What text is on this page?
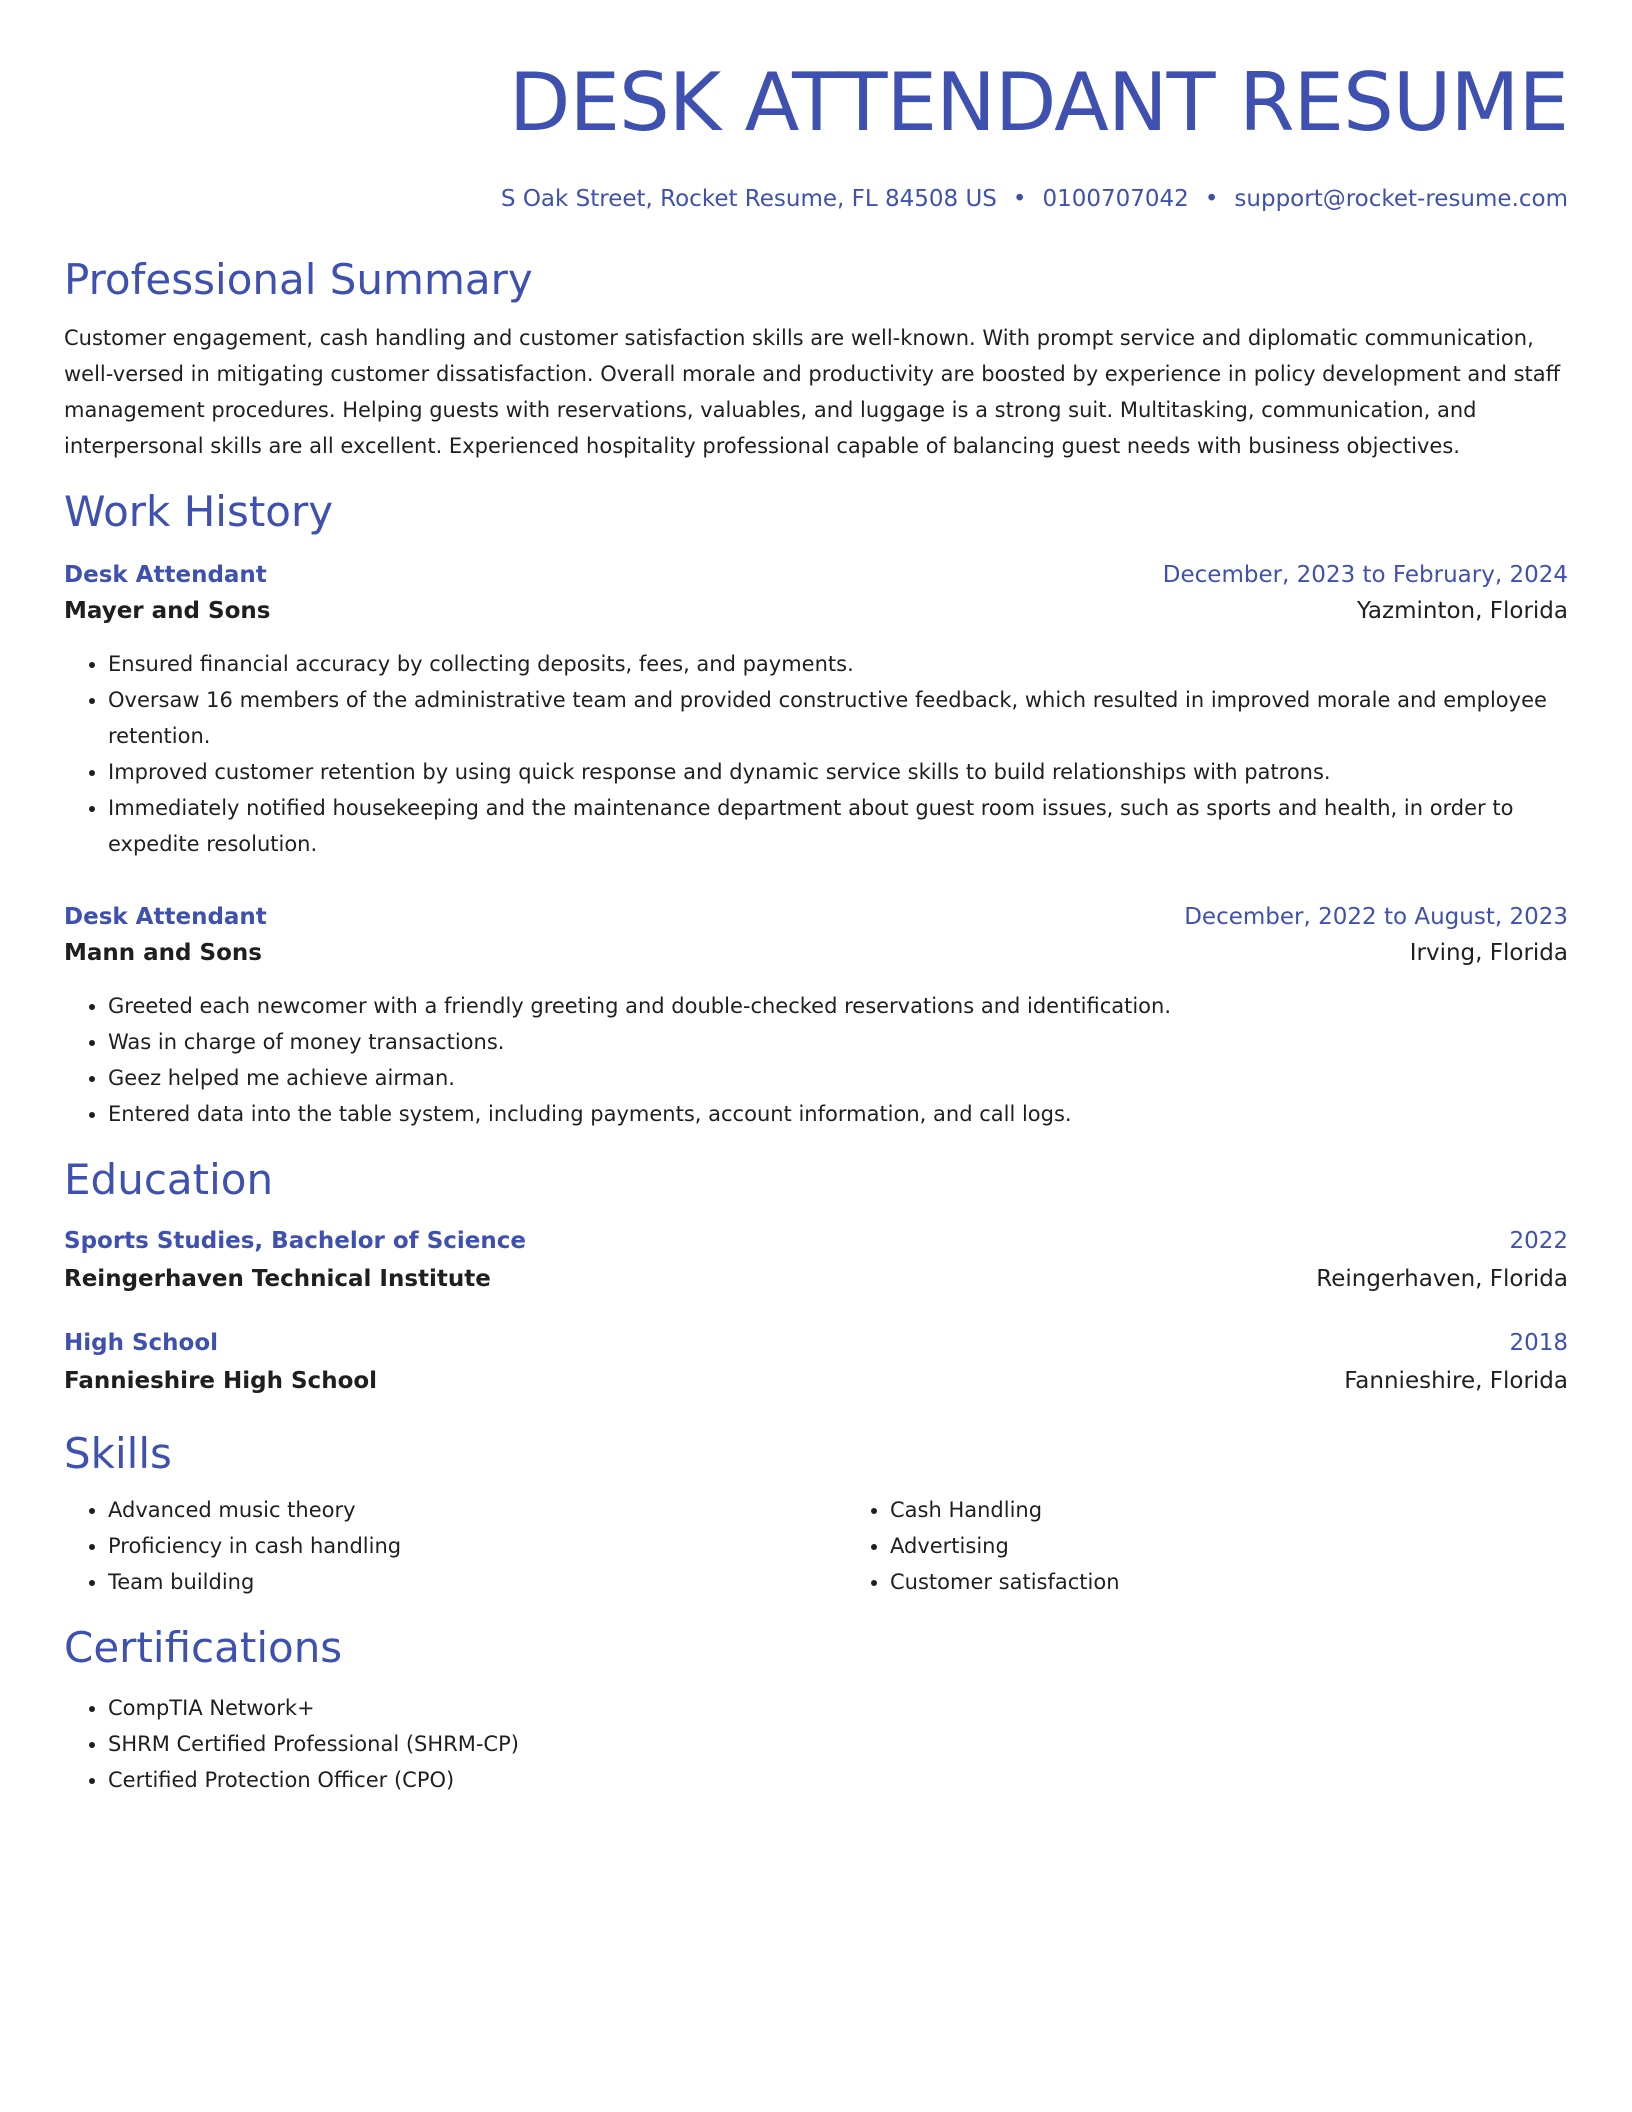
DESK ATTENDANT RESUME
S Oak Street, Rocket Resume, FL 84508 US • 0100707042 • support@rocket-resume.com
Professional Summary
Customer engagement, cash handling and customer satisfaction skills are well-known. With prompt service and diplomatic communication, well-versed in mitigating customer dissatisfaction. Overall morale and productivity are boosted by experience in policy development and staff management procedures. Helping guests with reservations, valuables, and luggage is a strong suit. Multitasking, communication, and interpersonal skills are all excellent. Experienced hospitality professional capable of balancing guest needs with business objectives.
Work History
Desk Attendant	December, 2023 to February, 2024
Mayer and Sons	Yazminton, Florida
• Ensured financial accuracy by collecting deposits, fees, and payments.
• Oversaw 16 members of the administrative team and provided constructive feedback, which resulted in improved morale and employee retention.
• Improved customer retention by using quick response and dynamic service skills to build relationships with patrons.
• Immediately notified housekeeping and the maintenance department about guest room issues, such as sports and health, in order to expedite resolution.
Desk Attendant	December, 2022 to August, 2023
Mann and Sons	Irving, Florida
• Greeted each newcomer with a friendly greeting and double-checked reservations and identification.
• Was in charge of money transactions.
• Geez helped me achieve airman.
• Entered data into the table system, including payments, account information, and call logs.
Education
Sports Studies, Bachelor of Science	2022
Reingerhaven Technical Institute	Reingerhaven, Florida
High School	2018
Fannieshire High School	Fannieshire, Florida
Skills
• Advanced music theory
• Proficiency in cash handling
• Team building
• Cash Handling
• Advertising
• Customer satisfaction
Certifications
• CompTIA Network+
• SHRM Certified Professional (SHRM-CP)
• Certified Protection Officer (CPO)
